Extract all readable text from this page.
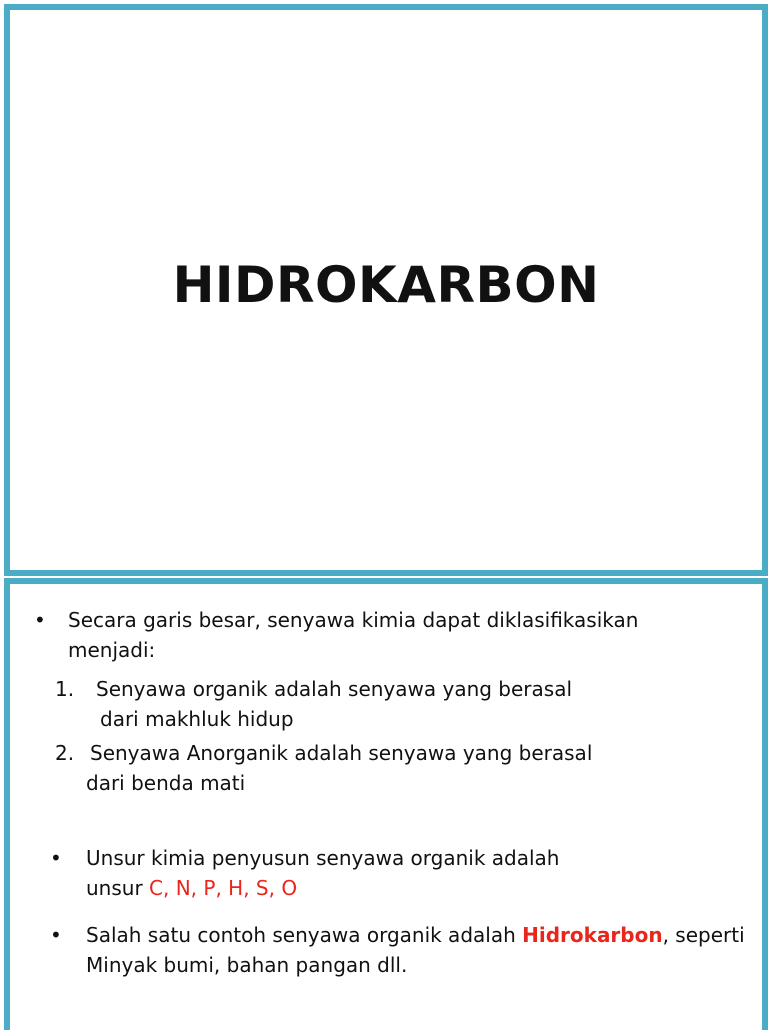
HIDROKARBON
• Secara garis besar, senyawa kimia dapat diklasifikasikan
menjadi:
1. Senyawa organik adalah senyawa yang berasal
dari makhluk hidup
2. Senyawa Anorganik adalah senyawa yang berasal
dari benda mati
• Unsur kimia penyusun senyawa organik adalah
unsur C, N, P, H, S, O
• Salah satu contoh senyawa organik adalah Hidrokarbon, seperti
Minyak bumi, bahan pangan dll.
